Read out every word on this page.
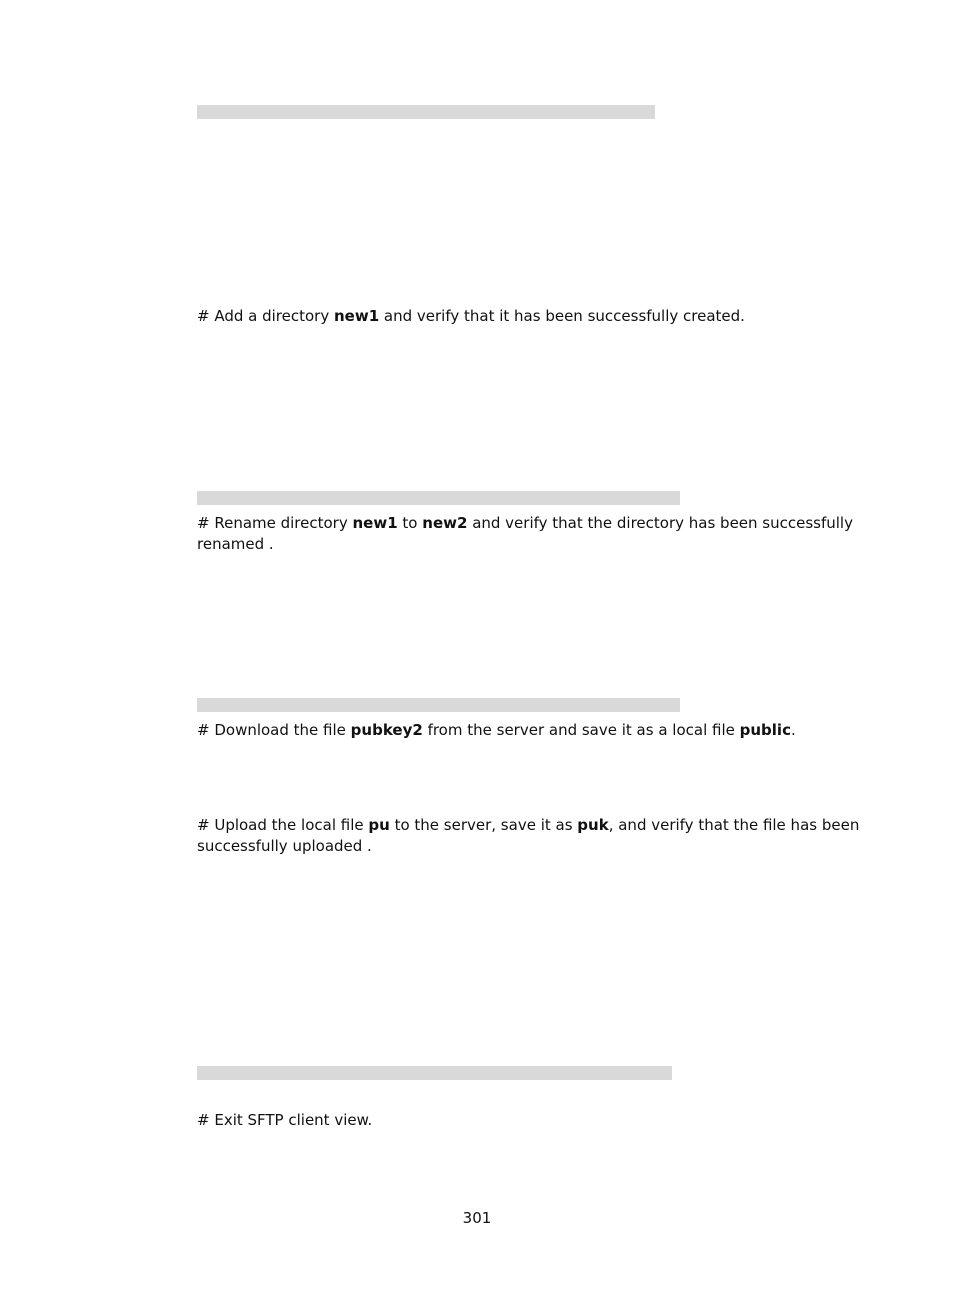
# Add a directory new1 and verify that it has been successfully created.

# Rename directory new1 to new2 and verify that the directory has been successfully renamed .

# Download the file pubkey2 from the server and save it as a local file public.

# Upload the local file pu to the server, save it as puk, and verify that the file has been successfully uploaded .

# Exit SFTP client view.

301
